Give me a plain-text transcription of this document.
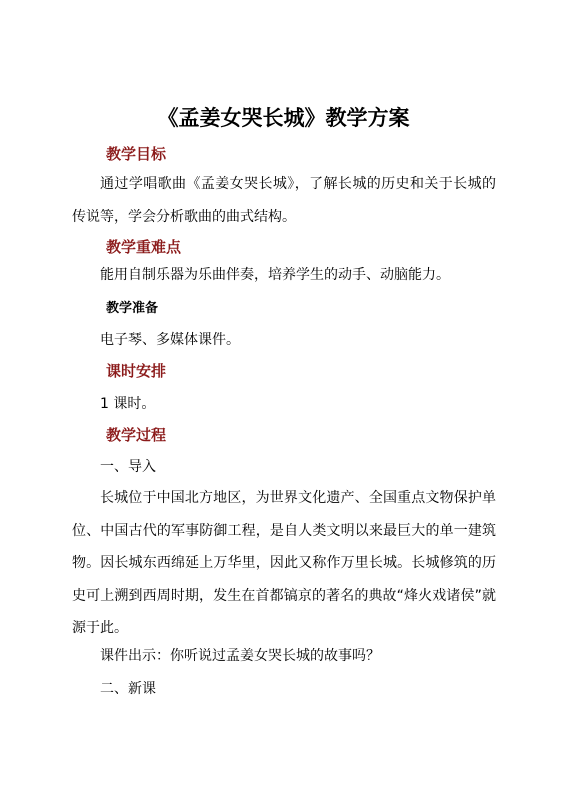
《孟姜女哭长城》教学方案
教学目标
通过学唱歌曲《孟姜女哭长城》，了解长城的历史和关于长城的传说等，学会分析歌曲的曲式结构。
教学重难点
能用自制乐器为乐曲伴奏，培养学生的动手、动脑能力。
教学准备
电子琴、多媒体课件。
课时安排
1 课时。
教学过程
一、导入
长城位于中国北方地区，为世界文化遗产、全国重点文物保护单位、中国古代的军事防御工程，是自人类文明以来最巨大的单一建筑物。因长城东西绵延上万华里，因此又称作万里长城。长城修筑的历史可上溯到西周时期，发生在首都镐京的著名的典故“烽火戏诸侯”就源于此。
课件出示：你听说过孟姜女哭长城的故事吗？
二、新课
